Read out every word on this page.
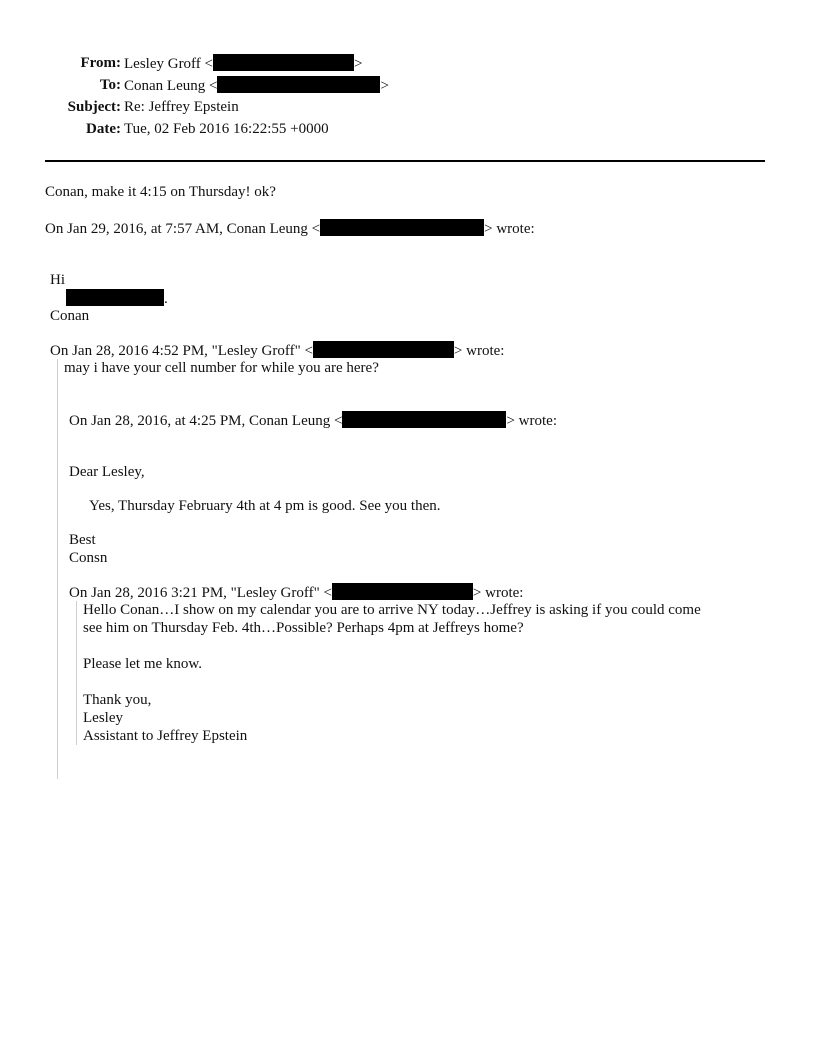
From: Lesley Groff <	>
To: Conan Leung <	>
Subject: Re: Jeffrey Epstein
Date: Tue, 02 Feb 2016 16:22:55 +0000
Conan, make it 4:15 on Thursday! ok?
On Jan 29, 2016, at 7:57 AM, Conan Leung <	> wrote:
Hi
.
Conan
On Jan 28, 2016 4:52 PM, "Lesley Groff" <	> wrote:
may i have your cell number for while you are here?
On Jan 28, 2016, at 4:25 PM, Conan Leung <	> wrote:
Dear Lesley,
Yes, Thursday February 4th at 4 pm is good. See you then.
Best
Consn
On Jan 28, 2016 3:21 PM, "Lesley Groff" <	> wrote:
Hello Conan…I show on my calendar you are to arrive NY today…Jeffrey is asking if you could come
see him on Thursday Feb. 4th…Possible? Perhaps 4pm at Jeffreys home?
Please let me know.
Thank you,
Lesley
Assistant to Jeffrey Epstein
